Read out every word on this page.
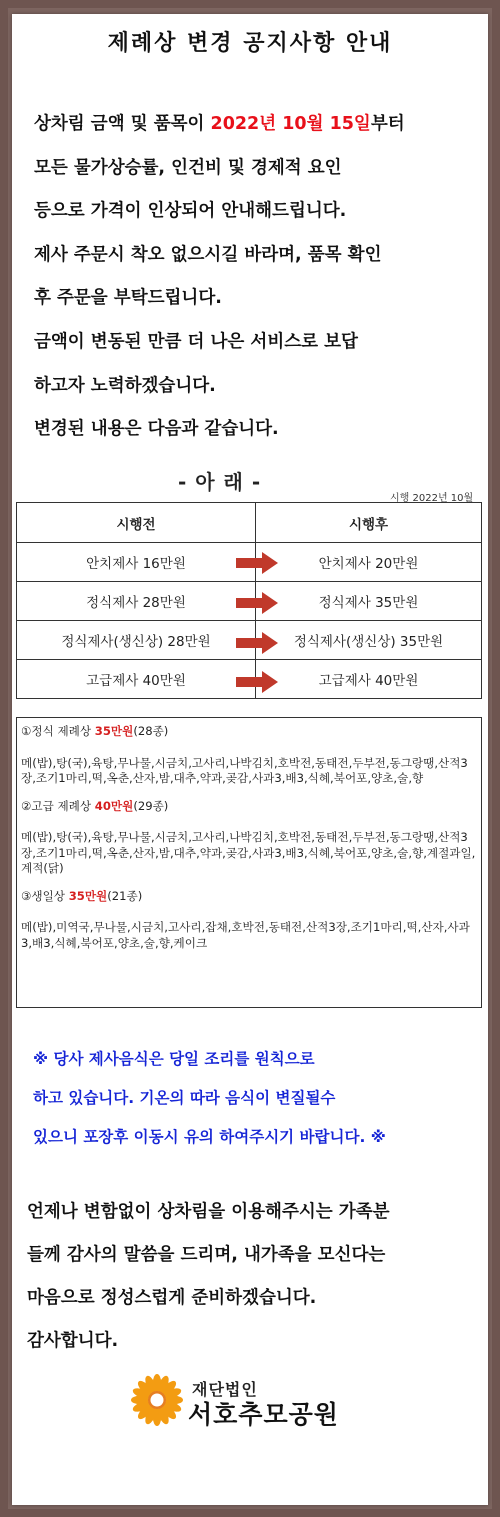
제례상 변경 공지사항 안내
상차림 금액 및 품목이 2022년 10월 15일부터
모든 물가상승률, 인건비 및 경제적 요인
등으로 가격이 인상되어 안내해드립니다.
제사 주문시 착오 없으시길 바라며, 품목 확인
후 주문을 부탁드립니다.
금액이 변동된 만큼 더 나은 서비스로 보답
하고자 노력하겠습니다.
변경된 내용은 다음과 같습니다.
- 아 래 -
시행 2022년 10월
시행전	시행후
안치제사 16만원	안치제사 20만원
정식제사 28만원	정식제사 35만원
정식제사(생신상) 28만원	정식제사(생신상) 35만원
고급제사 40만원	고급제사 40만원
①정식 제례상 35만원(28종)
메(밥),탕(국),육탕,무나물,시금치,고사리,나박김치,호박전,동태전,두부전,동그랑땡,산적3장,조기1마리,떡,옥춘,산자,밤,대추,약과,곶감,사과3,배3,식혜,북어포,양초,술,향
②고급 제례상 40만원(29종)
메(밥),탕(국),육탕,무나물,시금치,고사리,나박김치,호박전,동태전,두부전,동그랑땡,산적3장,조기1마리,떡,옥춘,산자,밤,대추,약과,곶감,사과3,배3,식혜,북어포,양초,술,향,계절과일,계적(닭)
③생일상 35만원(21종)
메(밥),미역국,무나물,시금치,고사리,잡채,호박전,동태전,산적3장,조기1마리,떡,산자,사과3,배3,식혜,북어포,양초,술,향,케이크
※ 당사 제사음식은 당일 조리를 원칙으로
하고 있습니다. 기온의 따라 음식이 변질될수
있으니 포장후 이동시 유의 하여주시기 바랍니다. ※
언제나 변함없이 상차림을 이용해주시는 가족분
들께 감사의 말씀을 드리며, 내가족을 모신다는
마음으로 정성스럽게 준비하겠습니다.
감사합니다.
재단법인
서호추모공원
